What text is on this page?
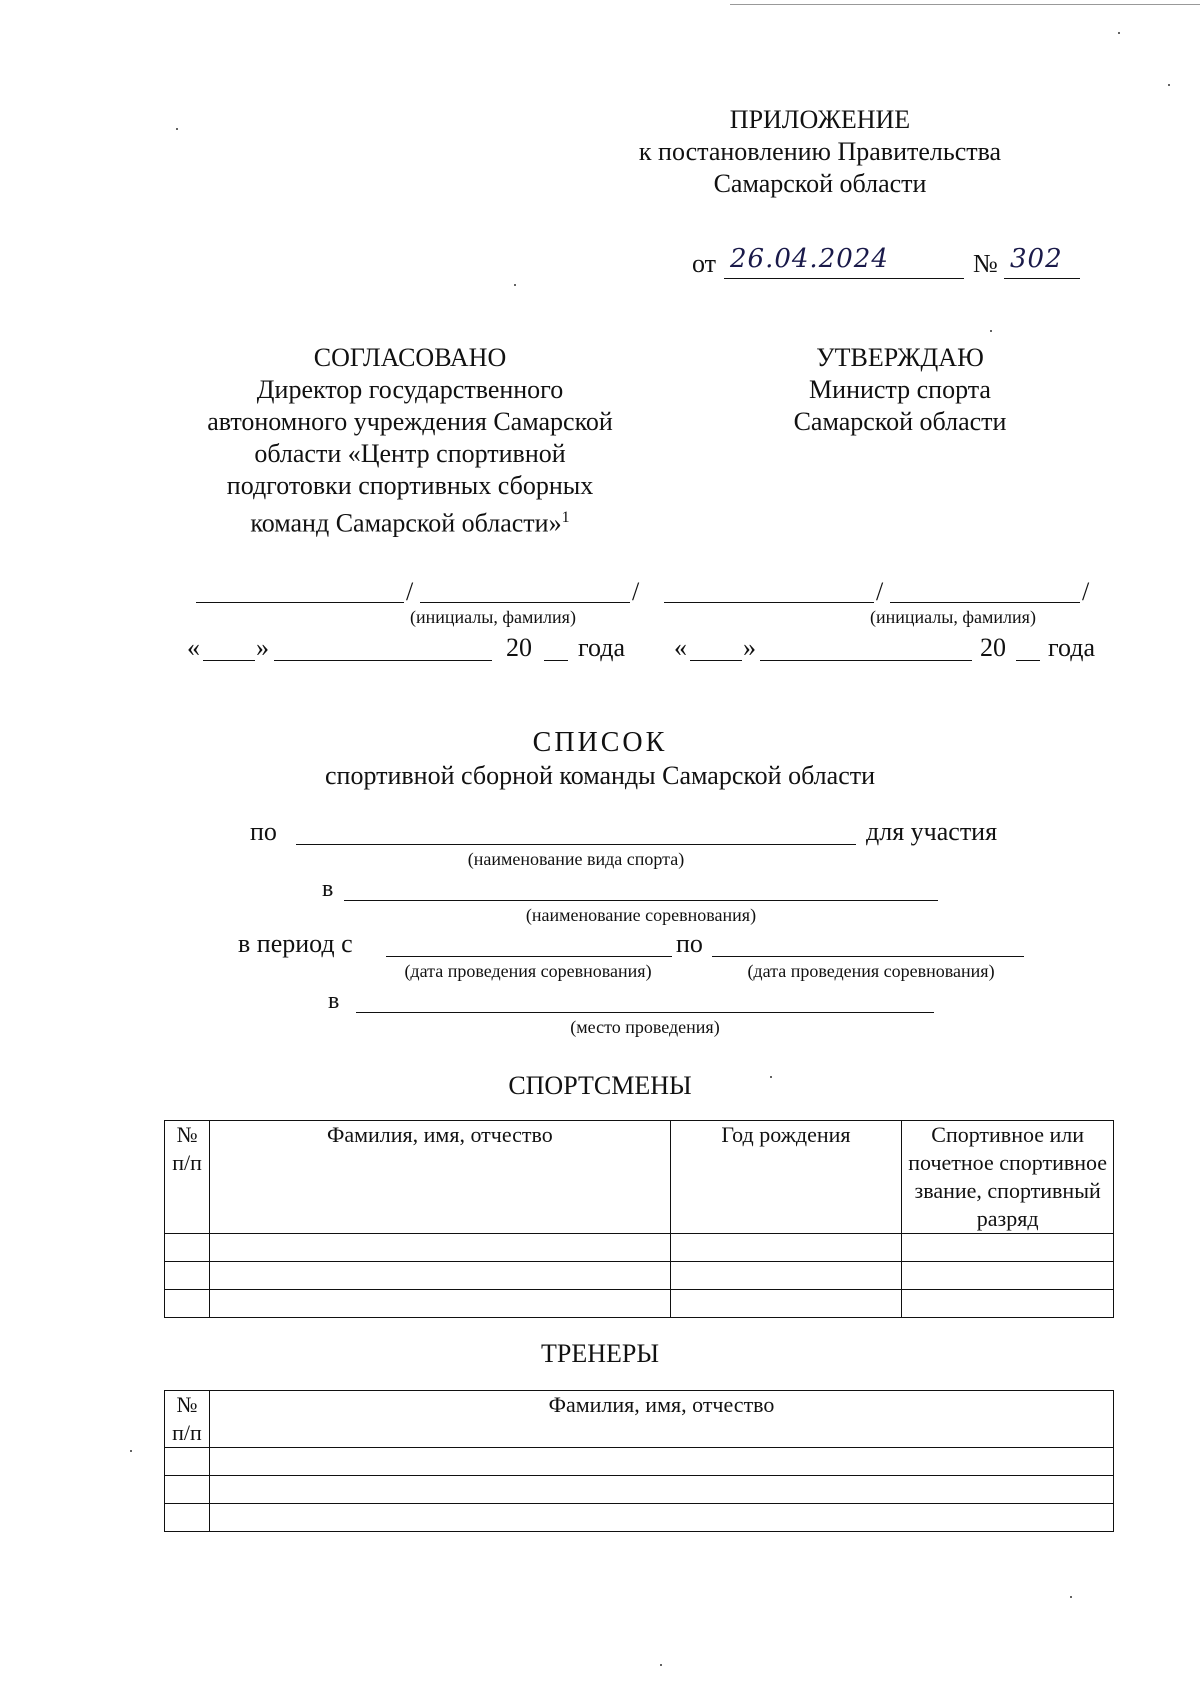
ПРИЛОЖЕНИЕ
к постановлению Правительства
Самарской области
от 26.04.2024	№ 302
СОГЛАСОВАНО
Директор государственного
автономного учреждения Самарской
области «Центр спортивной
подготовки спортивных сборных
команд Самарской области»$^1$
УТВЕРЖДАЮ
Министр спорта
Самарской области
/	/
(инициалы, фамилия)
« »	20 года
/	/
(инициалы, фамилия)
« »	20 года
СПИСОК
спортивной сборной команды Самарской области
по	для участия
(наименование вида спорта)
в
(наименование соревнования)
в период с	по
(дата проведения соревнования)	(дата проведения соревнования)
в
(место проведения)
СПОРТСМЕНЫ
№ п/п	Фамилия, имя, отчество	Год рождения	Спортивное или почетное спортивное звание, спортивный разряд

ТРЕНЕРЫ
№ п/п	Фамилия, имя, отчество
